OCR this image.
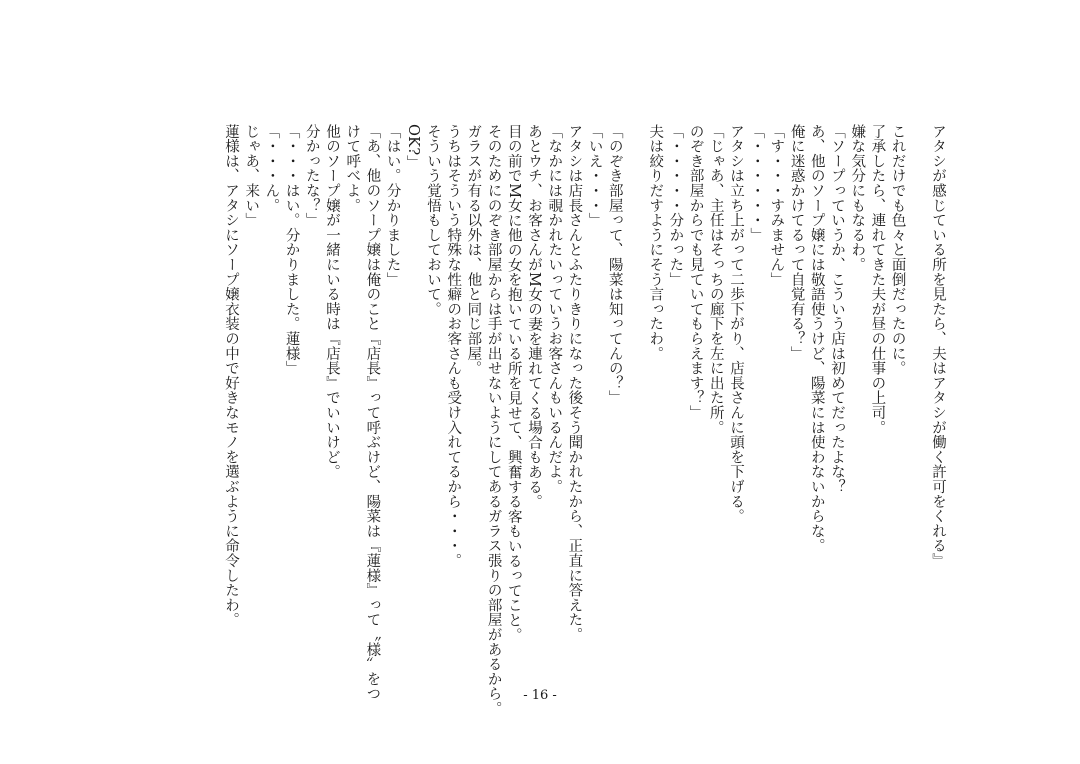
アタシが感じている所を見たら、夫はアタシが働く許可をくれる』

これだけでも色々と面倒だったのに。

了承したら、連れてきた夫が昼の仕事の上司。

嫌な気分にもなるわ。

「ソープっていうか、こういう店は初めてだったよな？

あ、他のソープ嬢には敬語使うけど、陽菜には使わないからな。

俺に迷惑かけてるって自覚有る？」

「す・・・すみません」

「・・・・・・」

アタシは立ち上がって二歩下がり、店長さんに頭を下げる。

「じゃあ、主任はそっちの廊下を左に出た所。

のぞき部屋からでも見ていてもらえます？」

「・・・・・分かった」

夫は絞りだすようにそう言ったわ。

「のぞき部屋って、陽菜は知ってんの？」

「いえ・・・」

アタシは店長さんとふたりきりになった後そう聞かれたから、正直に答えた。

「なかには覗かれたいっていうお客さんもいるんだよ。

あとウチ、お客さんがM女の妻を連れてくる場合もある。

目の前でM女に他の女を抱いている所を見せて、興奮する客もいるってこと。

そのためにのぞき部屋からは手が出せないようにしてあるガラス張りの部屋があるから。

ガラスが有る以外は、他と同じ部屋。

うちはそういう特殊な性癖のお客さんも受け入れてるから・・・。

そういう覚悟もしておいて。

OK?」

「はい。分かりました」

「あ、他のソープ嬢は俺のこと『店長』って呼ぶけど、陽菜は『蓮様』って〝様〟をつ

けて呼べよ。

他のソープ嬢が一緒にいる時は『店長』でいいけど。

分かったな？」

「・・・はい。分かりました。蓮様」

「・・・ん。

じゃあ、来い」

蓮様は、アタシにソープ嬢衣装の中で好きなモノを選ぶように命令したわ。

- 16 -
